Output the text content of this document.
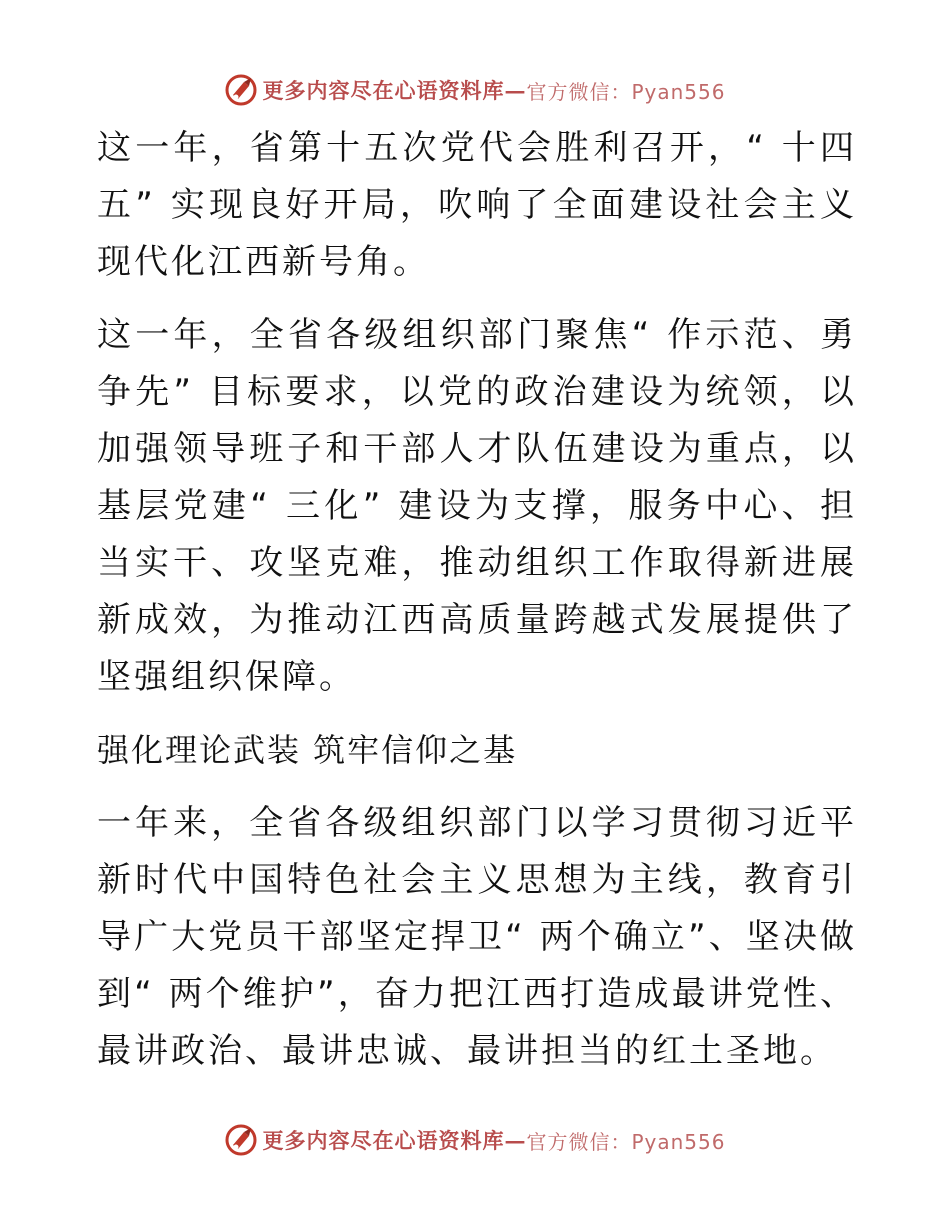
更多内容尽在心语资料库— 官方微信：Pyan556

这一年，省第十五次党代会胜利召开，“ 十四五” 实现良好开局，吹响了全面建设社会主义现代化江西新号角。

这一年，全省各级组织部门聚焦“ 作示范、勇争先” 目标要求，以党的政治建设为统领，以加强领导班子和干部人才队伍建设为重点，以基层党建“ 三化” 建设为支撑，服务中心、担当实干、攻坚克难，推动组织工作取得新进展新成效，为推动江西高质量跨越式发展提供了坚强组织保障。

强化理论武装 筑牢信仰之基

一年来，全省各级组织部门以学习贯彻习近平新时代中国特色社会主义思想为主线，教育引导广大党员干部坚定捍卫“ 两个确立”、坚决做到“ 两个维护”，奋力把江西打造成最讲党性、最讲政治、最讲忠诚、最讲担当的红土圣地。

更多内容尽在心语资料库— 官方微信：Pyan556
